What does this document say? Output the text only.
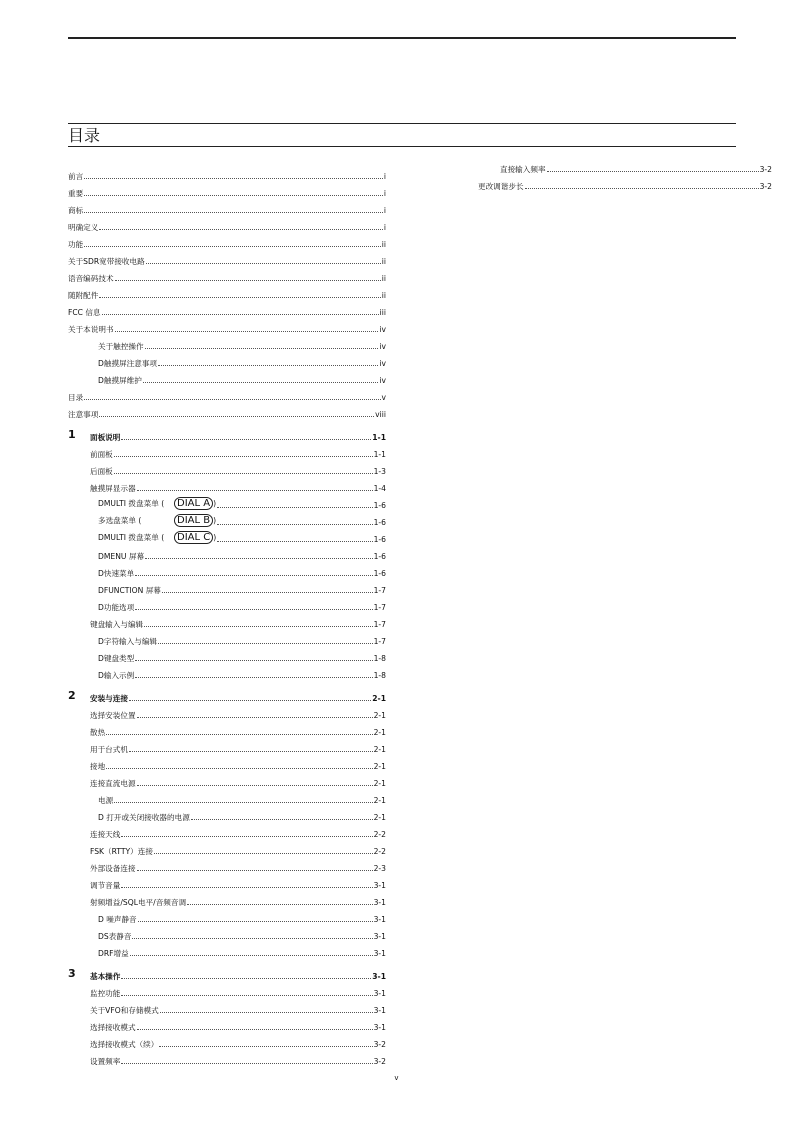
目录
前言	i
重要	i
商标	i
明确定义	i
功能	ii
关于SDR宽带接收电路	ii
语音编码技术	ii
随附配件	ii
FCC 信息	iii
关于本说明书	iv
关于触控操作	iv
D触摸屏注意事项	iv
D触摸屏维护	iv
目录	v
注意事项	viii
1 面板说明	1-1
前面板	1-1
后面板	1-3
触摸屏显示器	1-4
DMULTI 拨盘菜单 ( DIAL A )	1-6
多选盘菜单 (	DIAL B )	1-6
DMULTI 拨盘菜单 ( DIAL C )	1-6
DMENU 屏幕	1-6
D快速菜单	1-6
DFUNCTION 屏幕	1-7
D功能选项	1-7
键盘输入与编辑	1-7
D字符输入与编辑	1-7
D键盘类型	1-8
D输入示例	1-8
2 安装与连接	2-1
选择安装位置	2-1
散热	2-1
用于台式机	2-1
接地	2-1
连接直流电源	2-1
电源	2-1
D 打开或关闭接收器的电源	2-1
连接天线	2-2
FSK（RTTY）连接	2-2
外部设备连接	2-3
调节音量	3-1
射频增益/SQL电平/音频音调	3-1
D 噪声静音	3-1
DS表静音	3-1
DRF增益	3-1
3 基本操作	3-1
监控功能	3-1
关于VFO和存储模式	3-1
选择接收模式	3-1
选择接收模式（续）	3-2
设置频率	3-2
直接输入频率	3-2
更改调谐步长	3-2
v
